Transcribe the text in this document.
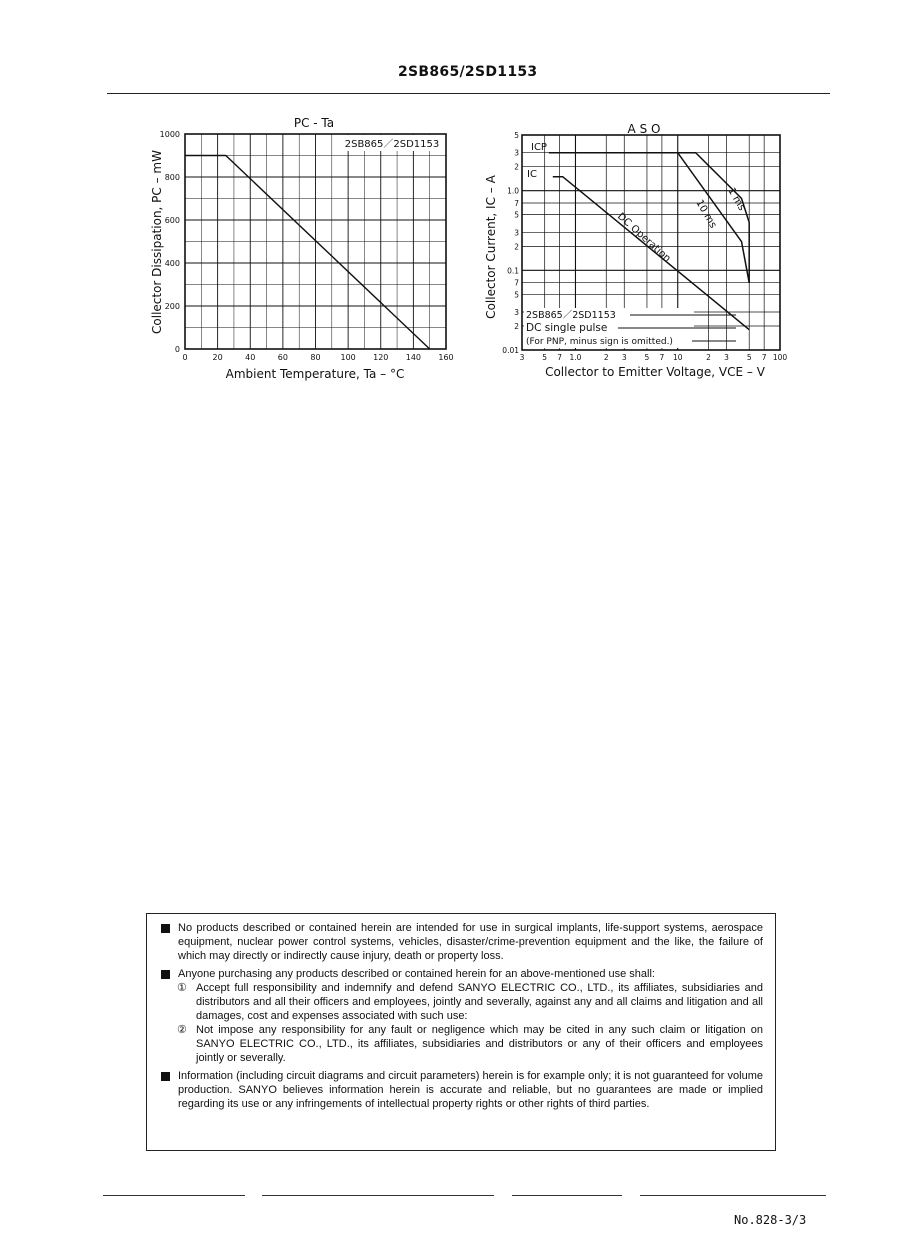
2SB865/2SD1153
PC - Ta
2SB865／2SD1153
0	20	40	60	80 100 120 140 160
0
200
400
600
800
1000
Ambient Temperature, Ta – °C
Collector Dissipation, PC – mW
A S O
3 5 7 1.0	2 3 5 7 10	2 3 5 7 100
5
3
2
1.0
7
5
3
2
0.1
7
5
3
2
0.01
ICP
IC
1 ms
10 ms
DC Operation
2SB865／2SD1153
DC single pulse
(For PNP, minus sign is omitted.)
Collector to Emitter Voltage, VCE – V
Collector Current, IC – A
No products described or contained herein are intended for use in surgical implants, life-support systems, aerospace equipment, nuclear power control systems, vehicles, disaster/crime-prevention equipment and the like, the failure of which may directly or indirectly cause injury, death or property loss.
Anyone purchasing any products described or contained herein for an above-mentioned use shall:
① Accept full responsibility and indemnify and defend SANYO ELECTRIC CO., LTD., its affiliates, subsidiaries and distributors and all their officers and employees, jointly and severally, against any and all claims and litigation and all damages, cost and expenses associated with such use:
② Not impose any responsibility for any fault or negligence which may be cited in any such claim or litigation on SANYO ELECTRIC CO., LTD., its affiliates, subsidiaries and distributors or any of their officers and employees jointly or severally.
Information (including circuit diagrams and circuit parameters) herein is for example only; it is not guaranteed for volume production. SANYO believes information herein is accurate and reliable, but no guarantees are made or implied regarding its use or any infringements of intellectual property rights or other rights of third parties.
No.828-3/3
